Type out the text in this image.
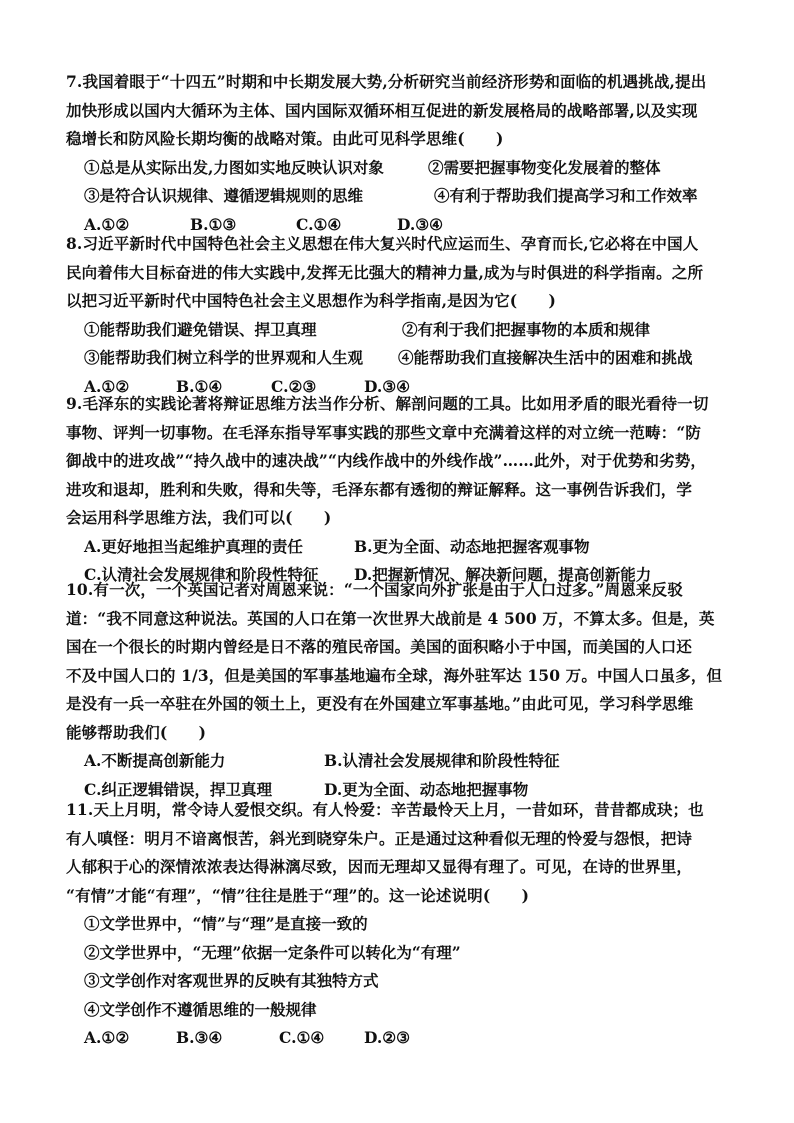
7.我国着眼于“十四五”时期和中长期发展大势,分析研究当前经济形势和面临的机遇挑战,提出
加快形成以国内大循环为主体、国内国际双循环相互促进的新发展格局的战略部署,以及实现
稳增长和防风险长期均衡的战略对策。由此可见科学思维(　　)
①总是从实际出发,力图如实地反映认识对象	②需要把握事物变化发展着的整体
③是符合认识规律、遵循逻辑规则的思维	④有利于帮助我们提高学习和工作效率
A.①②	B.①③	C.①④	D.③④
8.习近平新时代中国特色社会主义思想在伟大复兴时代应运而生、孕育而长,它必将在中国人
民向着伟大目标奋进的伟大实践中,发挥无比强大的精神力量,成为与时俱进的科学指南。之所
以把习近平新时代中国特色社会主义思想作为科学指南,是因为它(　　)
①能帮助我们避免错误、捍卫真理	②有利于我们把握事物的本质和规律
③能帮助我们树立科学的世界观和人生观 ④能帮助我们直接解决生活中的困难和挑战
A.①②	B.①④	C.②③	D.③④
9.毛泽东的实践论著将辩证思维方法当作分析、解剖问题的工具。比如用矛盾的眼光看待一切
事物、评判一切事物。在毛泽东指导军事实践的那些文章中充满着这样的对立统一范畴：“防
御战中的进攻战”“持久战中的速决战”“内线作战中的外线作战”……此外，对于优势和劣势，
进攻和退却，胜利和失败，得和失等，毛泽东都有透彻的辩证解释。这一事例告诉我们，学
会运用科学思维方法，我们可以(　　)
A.更好地担当起维护真理的责任	B.更为全面、动态地把握客观事物
C.认清社会发展规律和阶段性特征 D.把握新情况、解决新问题，提高创新能力
10.有一次，一个英国记者对周恩来说：“一个国家向外扩张是由于人口过多。”周恩来反驳
道：“我不同意这种说法。英国的人口在第一次世界大战前是 4 500 万，不算太多。但是，英
国在一个很长的时期内曾经是日不落的殖民帝国。美国的面积略小于中国，而美国的人口还
不及中国人口的 1/3，但是美国的军事基地遍布全球，海外驻军达 150 万。中国人口虽多，但
是没有一兵一卒驻在外国的领土上，更没有在外国建立军事基地。”由此可见，学习科学思维
能够帮助我们(　　)
A.不断提高创新能力	B.认清社会发展规律和阶段性特征
C.纠正逻辑错误，捍卫真理	D.更为全面、动态地把握事物
11.天上月明，常令诗人爱恨交织。有人怜爱：辛苦最怜天上月，一昔如环，昔昔都成玦；也
有人嗔怪：明月不谙离恨苦，斜光到晓穿朱户。正是通过这种看似无理的怜爱与怨恨，把诗
人郁积于心的深情浓浓表达得淋漓尽致，因而无理却又显得有理了。可见，在诗的世界里，
“有情”才能“有理”，“情”往往是胜于“理”的。这一论述说明(　　)
①文学世界中，“情”与“理”是直接一致的
②文学世界中，“无理”依据一定条件可以转化为“有理”
③文学创作对客观世界的反映有其独特方式
④文学创作不遵循思维的一般规律
A.①②	B.③④	C.①④	D.②③
